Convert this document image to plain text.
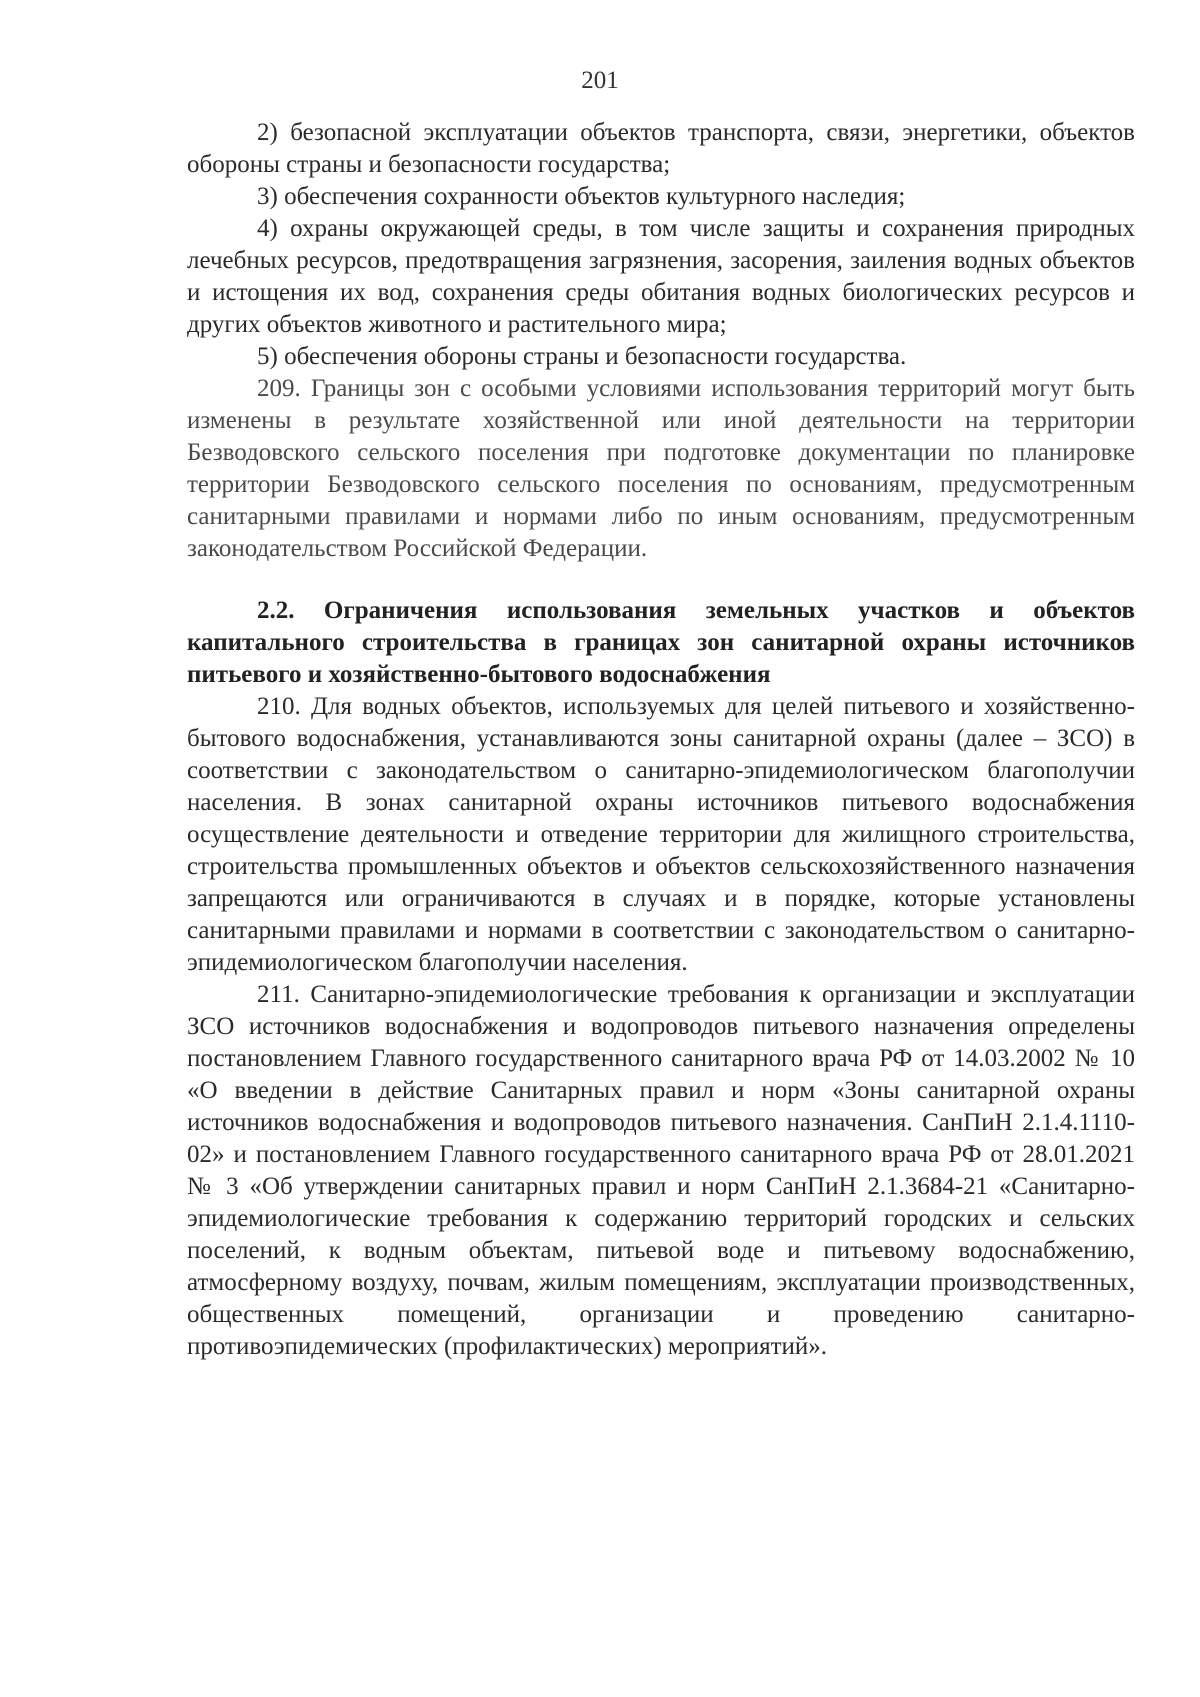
201

2) безопасной эксплуатации объектов транспорта, связи, энергетики, объектов обороны страны и безопасности государства;

3) обеспечения сохранности объектов культурного наследия;

4) охраны окружающей среды, в том числе защиты и сохранения природных лечебных ресурсов, предотвращения загрязнения, засорения, заиления водных объектов и истощения их вод, сохранения среды обитания водных биологических ресурсов и других объектов животного и растительного мира;

5) обеспечения обороны страны и безопасности государства.

209. Границы зон с особыми условиями использования территорий могут быть изменены в результате хозяйственной или иной деятельности на территории Безводовского сельского поселения при подготовке документации по планировке территории Безводовского сельского поселения по основаниям, предусмотренным санитарными правилами и нормами либо по иным основаниям, предусмотренным законодательством Российской Федерации.

2.2. Ограничения использования земельных участков и объектов капитального строительства в границах зон санитарной охраны источников питьевого и хозяйственно-бытового водоснабжения

210. Для водных объектов, используемых для целей питьевого и хозяйственно-бытового водоснабжения, устанавливаются зоны санитарной охраны (далее – ЗСО) в соответствии с законодательством о санитарно-эпидемиологическом благополучии населения. В зонах санитарной охраны источников питьевого водоснабжения осуществление деятельности и отведение территории для жилищного строительства, строительства промышленных объектов и объектов сельскохозяйственного назначения запрещаются или ограничиваются в случаях и в порядке, которые установлены санитарными правилами и нормами в соответствии с законодательством о санитарно-эпидемиологическом благополучии населения.

211. Санитарно-эпидемиологические требования к организации и эксплуатации ЗСО источников водоснабжения и водопроводов питьевого назначения определены постановлением Главного государственного санитарного врача РФ от 14.03.2002 № 10 «О введении в действие Санитарных правил и норм «Зоны санитарной охраны источников водоснабжения и водопроводов питьевого назначения. СанПиН 2.1.4.1110-02» и постановлением Главного государственного санитарного врача РФ от 28.01.2021 № 3 «Об утверждении санитарных правил и норм СанПиН 2.1.3684-21 «Санитарно-эпидемиологические требования к содержанию территорий городских и сельских поселений, к водным объектам, питьевой воде и питьевому водоснабжению, атмосферному воздуху, почвам, жилым помещениям, эксплуатации производственных, общественных помещений, организации и проведению санитарно-противоэпидемических (профилактических) мероприятий».
